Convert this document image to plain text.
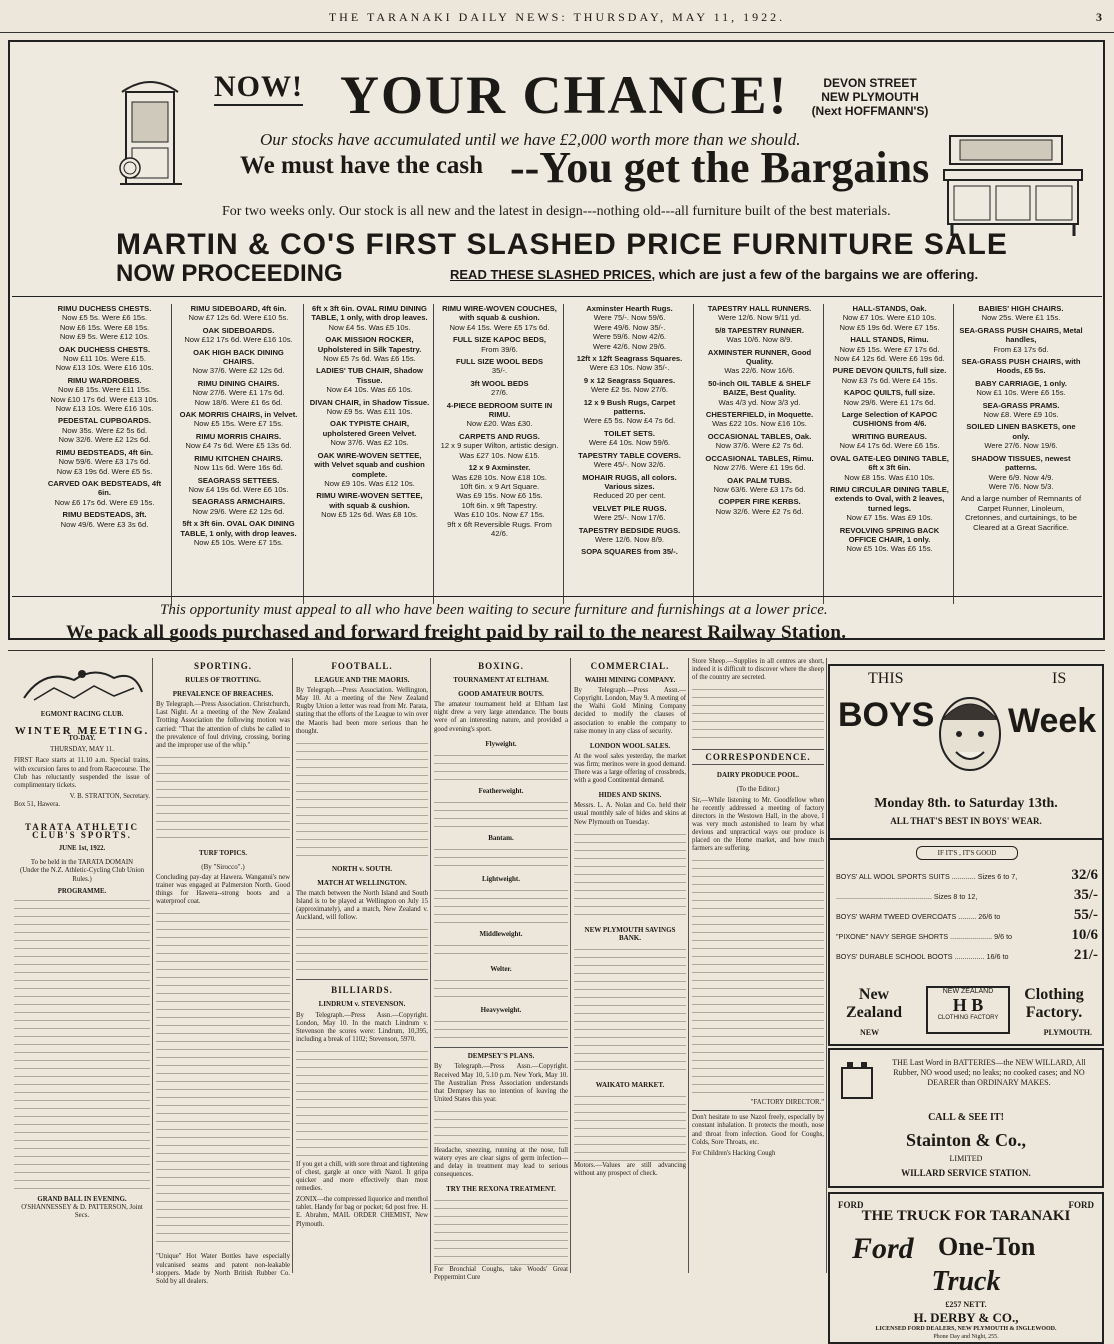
THE TARANAKI DAILY NEWS: THURSDAY, MAY 11, 1922.	3
NOW! YOUR CHANCE!	DEVON STREET
NEW PLYMOUTH
(Next HOFFMANN'S)
Our stocks have accumulated until we have £2,000 worth more than we should.
We must have the cash --You get the Bargains
For two weeks only. Our stock is all new and the latest in design---nothing old---all furniture built of the best materials.
MARTIN & CO'S FIRST SLASHED PRICE FURNITURE SALE
NOW PROCEEDING	READ THESE SLASHED PRICES, which are just a few of the bargains we are offering.
RIMU DUCHESS CHESTS.
Now £5 5s. Were £6 15s.
Now £6 15s. Were £8 15s.
Now £9 5s. Were £12 10s.
OAK DUCHESS CHESTS.
Now £11 10s. Were £15.
Now £13 10s. Were £16 10s.
RIMU WARDROBES.
Now £8 15s. Were £11 15s.
Now £10 17s 6d. Were £13 10s.
Now £13 10s. Were £16 10s.
PEDESTAL CUPBOARDS.
Now 35s. Were £2 5s 6d.
Now 32/6. Were £2 12s 6d.
RIMU BEDSTEADS, 4ft 6in.
Now 59/6. Were £3 17s 6d.
Now £3 19s 6d. Were £5 5s.
CARVED OAK BEDSTEADS, 4ft 6in.
Now £6 17s 6d. Were £9 15s.
RIMU BEDSTEADS, 3ft.
Now 49/6. Were £3 3s 6d.
RIMU SIDEBOARD, 4ft 6in.
Now £7 12s 6d. Were £10 5s.
OAK SIDEBOARDS.
Now £12 17s 6d. Were £16 10s.
OAK HIGH BACK DINING CHAIRS.
Now 37/6. Were £2 12s 6d.
RIMU DINING CHAIRS.
Now 27/6. Were £1 17s 6d.
Now 18/6. Were £1 6s 6d.
OAK MORRIS CHAIRS, in Velvet.
Now £5 15s. Were £7 15s.
RIMU MORRIS CHAIRS.
Now £4 7s 6d. Were £5 13s 6d.
RIMU KITCHEN CHAIRS.
Now 11s 6d. Were 16s 6d.
SEAGRASS SETTEES.
Now £4 19s 6d. Were £6 10s.
SEAGRASS ARMCHAIRS.
Now 29/6. Were £2 12s 6d.
5ft x 3ft 6in. OVAL OAK DINING TABLE, 1 only, with drop leaves.
Now £5 10s. Were £7 15s.
6ft x 3ft 6in. OVAL RIMU DINING TABLE, 1 only, with drop leaves.
Now £4 5s. Was £5 10s.
OAK MISSION ROCKER, Upholstered in Silk Tapestry.
Now £5 7s 6d. Was £6 15s.
LADIES' TUB CHAIR, Shadow Tissue.
Now £4 10s. Was £6 10s.
DIVAN CHAIR, in Shadow Tissue.
Now £9 5s. Was £11 10s.
OAK TYPISTE CHAIR, upholstered Green Velvet.
Now 37/6. Was £2 10s.
OAK WIRE-WOVEN SETTEE, with Velvet squab and cushion complete.
Now £9 10s. Was £12 10s.
RIMU WIRE-WOVEN SETTEE, with squab & cushion.
Now £5 12s 6d. Was £8 10s.
RIMU WIRE-WOVEN COUCHES, with squab & cushion.
Now £4 15s. Were £5 17s 6d.
FULL SIZE KAPOC BEDS,
From 39/6.
FULL SIZE WOOL BEDS
35/-.
3ft WOOL BEDS
27/6.
4-PIECE BEDROOM SUITE IN RIMU.
Now £20. Was £30.
CARPETS AND RUGS.
12 x 9 super Wilton, artistic design.
Was £27 10s. Now £15.
12 x 9 Axminster.
Was £28 10s. Now £18 10s.
10ft 6in. x 9 Art Square.
Was £9 15s. Now £6 15s.
10ft 6in. x 9ft Tapestry.
Was £10 10s. Now £7 15s.
9ft x 6ft Reversible Rugs. From 42/6.
Axminster Hearth Rugs.
Were 75/-. Now 59/6.
Were 49/6. Now 35/-.
Were 59/6. Now 42/6.
Were 42/6. Now 29/6.
12ft x 12ft Seagrass Squares.
Were £3 10s. Now 35/-.
9 x 12 Seagrass Squares.
Were £2 5s. Now 27/6.
12 x 9 Bush Rugs, Carpet patterns.
Were £5 5s. Now £4 7s 6d.
TOILET SETS.
Were £4 10s. Now 59/6.
TAPESTRY TABLE COVERS.
Were 45/-. Now 32/6.
MOHAIR RUGS, all colors. Various sizes.
Reduced 20 per cent.
VELVET PILE RUGS.
Were 25/-. Now 17/6.
TAPESTRY BEDSIDE RUGS.
Were 12/6. Now 8/9.
SOPA SQUARES from 35/-.
TAPESTRY HALL RUNNERS.
Were 12/6. Now 9/11 yd.
5/8 TAPESTRY RUNNER.
Was 10/6. Now 8/9.
AXMINSTER RUNNER, Good Quality.
Was 22/6. Now 16/6.
50-inch OIL TABLE & SHELF BAIZE, Best Quality.
Was 4/3 yd. Now 3/3 yd.
CHESTERFIELD, in Moquette.
Was £22 10s. Now £16 10s.
OCCASIONAL TABLES, Oak.
Now 37/6. Were £2 7s 6d.
OCCASIONAL TABLES, Rimu.
Now 27/6. Were £1 19s 6d.
OAK PALM TUBS.
Now 63/6. Were £3 17s 6d.
COPPER FIRE KERBS.
Now 32/6. Were £2 7s 6d.
HALL-STANDS, Oak.
Now £7 10s. Were £10 10s.
Now £5 19s 6d. Were £7 15s.
HALL STANDS, Rimu.
Now £5 15s. Were £7 17s 6d.
Now £4 12s 6d. Were £6 19s 6d.
PURE DEVON QUILTS, full size.
Now £3 7s 6d. Were £4 15s.
KAPOC QUILTS, full size.
Now 29/6. Were £1 17s 6d.
Large Selection of KAPOC CUSHIONS from 4/6.
WRITING BUREAUS.
Now £4 17s 6d. Were £6 15s.
OVAL GATE-LEG DINING TABLE, 6ft x 3ft 6in.
Now £8 15s. Was £10 10s.
RIMU CIRCULAR DINING TABLE, extends to Oval, with 2 leaves, turned legs.
Now £7 15s. Was £9 10s.
REVOLVING SPRING BACK OFFICE CHAIR, 1 only.
Now £5 10s. Was £6 15s.
BABIES' HIGH CHAIRS.
Now 25s. Were £1 15s.
SEA-GRASS PUSH CHAIRS, Metal handles,
From £3 17s 6d.
SEA-GRASS PUSH CHAIRS, with Hoods, £5 5s.
BABY CARRIAGE, 1 only.
Now £1 10s. Were £6 15s.
SEA-GRASS PRAMS.
Now £8. Were £9 10s.
SOILED LINEN BASKETS, one only.
Were 27/6. Now 19/6.
SHADOW TISSUES, newest patterns.
Were 6/9. Now 4/9.
Were 7/6. Now 5/3.
And a large number of Remnants of Carpet Runner, Linoleum, Cretonnes, and curtainings, to be Cleared at a Great Sacrifice.
This opportunity must appeal to all who have been waiting to secure furniture and furnishings at a lower price.
We pack all goods purchased and forward freight paid by rail to the nearest Railway Station.
EGMONT RACING CLUB.
WINTER MEETING.
TO-DAY.
THURSDAY, MAY 11.

FIRST Race starts at 11.10 a.m. Special trains, with excursion fares to and from Racecourse. The Club has reluctantly suspended the issue of complimentary tickets.

V. B. STRATTON, Secretary.
Box 51, Hawera.
TARATA ATHLETIC CLUB'S SPORTS.
JUNE 1st, 1922.
To be held in the TARATA DOMAIN
(Under the N.Z. Athletic-Cycling Club Union Rules.)
PROGRAMME.
GRAND BALL IN EVENING.
O'SHANNESSEY & D. PATTERSON, Joint Secs.
SPORTING.
RULES OF TROTTING.
PREVALENCE OF BREACHES.

By Telegraph.—Press Association. Christchurch, Last Night. At a meeting of the New Zealand Trotting Association the following motion was carried: "That the attention of clubs be called to the prevalence of foul driving, crossing, boring and the improper use of the whip."

TURF TOPICS.
(By "Sirocco".)

Concluding pay-day at Hawera. Wanganui's new trainer was engaged at Palmerston North. Good things for Hawera--strong boots and a waterproof coat.

"Unique" Hot Water Bottles have especially vulcanised seams and patent non-leakable stoppers. Made by North British Rubber Co. Sold by all dealers.

FOOTBALL.
LEAGUE AND THE MAORIS.

By Telegraph.—Press Association. Wellington, May 10. At a meeting of the New Zealand Rugby Union a letter was read from Mr. Parata, stating that the efforts of the League to win over the Maoris had been more serious than he thought.

NORTH v. SOUTH.
MATCH AT WELLINGTON.

The match between the North Island and South Island is to be played at Wellington on July 15 (approximately), and a match, New Zealand v. Auckland, will follow.

BILLIARDS.
LINDRUM v. STEVENSON.

By Telegraph.—Press Assn.—Copyright. London, May 10. In the match Lindrum v. Stevenson the scores were: Lindrum, 10,395, including a break of 1102; Stevenson, 5970.

If you get a chill, with sore throat and tightening of chest, gargle at once with Nazol. It gripa quicker and more effectively than most remedies.

ZONIX—the compressed liquorice and menthol tablet. Handy for bag or pocket; 6d post free. H. E. Abrahm, MAIL ORDER CHEMIST, New Plymouth.

BOXING.
TOURNAMENT AT ELTHAM.
GOOD AMATEUR BOUTS.

The amateur tournament held at Eltham last night drew a very large attendance. The bouts were of an interesting nature, and provided a good evening's sport.

Flyweight.
Featherweight.
Bantam.
Lightweight.
Middleweight.
Welter.
Heavyweight.
DEMPSEY'S PLANS.

By Telegraph.—Press Assn.—Copyright. Received May 10, 5.10 p.m. New York, May 10. The Australian Press Association understands that Dempsey has no intention of leaving the United States this year.

Headache, sneezing, running at the nose, full watery eyes are clear signs of germ infection—and delay in treatment may lead to serious consequences.

TRY THE REXONA TREATMENT.

For Bronchial Coughs, take Woods' Great Peppermint Cure

COMMERCIAL.
WAIHI MINING COMPANY.

By Telegraph.—Press Assn.—Copyright. London, May 9. A meeting of the Waihi Gold Mining Company decided to modify the clauses of association to enable the company to raise money in any class of security.

LONDON WOOL SALES.

At the wool sales yesterday, the market was firm; merinos were in good demand. There was a large offering of crossbreds, with a good Continental demand.

HIDES AND SKINS.

Messrs. L. A. Nolan and Co. held their usual monthly sale of hides and skins at New Plymouth on Tuesday.

NEW PLYMOUTH SAVINGS BANK.
WAIKATO MARKET.

Motors.—Values are still advancing without any prospect of check.

Store Sheep.—Supplies in all centres are short, indeed it is difficult to discover where the sheep of the country are secreted.

CORRESPONDENCE.
DAIRY PRODUCE POOL.
(To the Editor.)

Sir,—While listening to Mr. Goodfellow when he recently addressed a meeting of factory directors in the Westown Hall, in the above, I was very much astonished to learn by what devious and unpractical ways our produce is placed on the Home market, and how much farmers are suffering.

"FACTORY DIRECTOR."

Don't hesitate to use Nazol freely, especially by constant inhalation. It protects the mouth, nose and throat from infection. Good for Coughs, Colds, Sore Throats, etc.

For Children's Hacking Cough

THIS	IS
BOYS Week
Monday 8th. to Saturday 13th.
ALL THAT'S BEST IN BOYS' WEAR.
IF IT'S , IT'S GOOD
BOYS' ALL WOOL SPORTS SUITS ............ Sizes 6 to 7,	32/6
................................................ Sizes 8 to 12,	35/-
BOYS' WARM TWEED OVERCOATS ......... 26/6 to	55/-
"PIXONE" NAVY SERGE SHORTS ..................... 9/6 to	10/6
BOYS' DURABLE SCHOOL BOOTS ............... 16/6 to	21/-
New Zealand
NEW ZEALAND
H B
CLOTHING FACTORY
Clothing Factory.
NEW	PLYMOUTH.
THE Last Word in BATTERIES—the NEW WILLARD, All Rubber, NO wood used; no leaks; no cooked cases; and NO DEARER than ORDINARY MAKES.
CALL & SEE IT!
Stainton & Co.,
LIMITED
WILLARD SERVICE STATION.
FORD	FORD
THE TRUCK FOR TARANAKI
Ford One-Ton
Truck
£257 NETT.
H. DERBY & CO.,
LICENSED FORD DEALERS, NEW PLYMOUTH & INGLEWOOD.
Phone Day and Night, 255.
